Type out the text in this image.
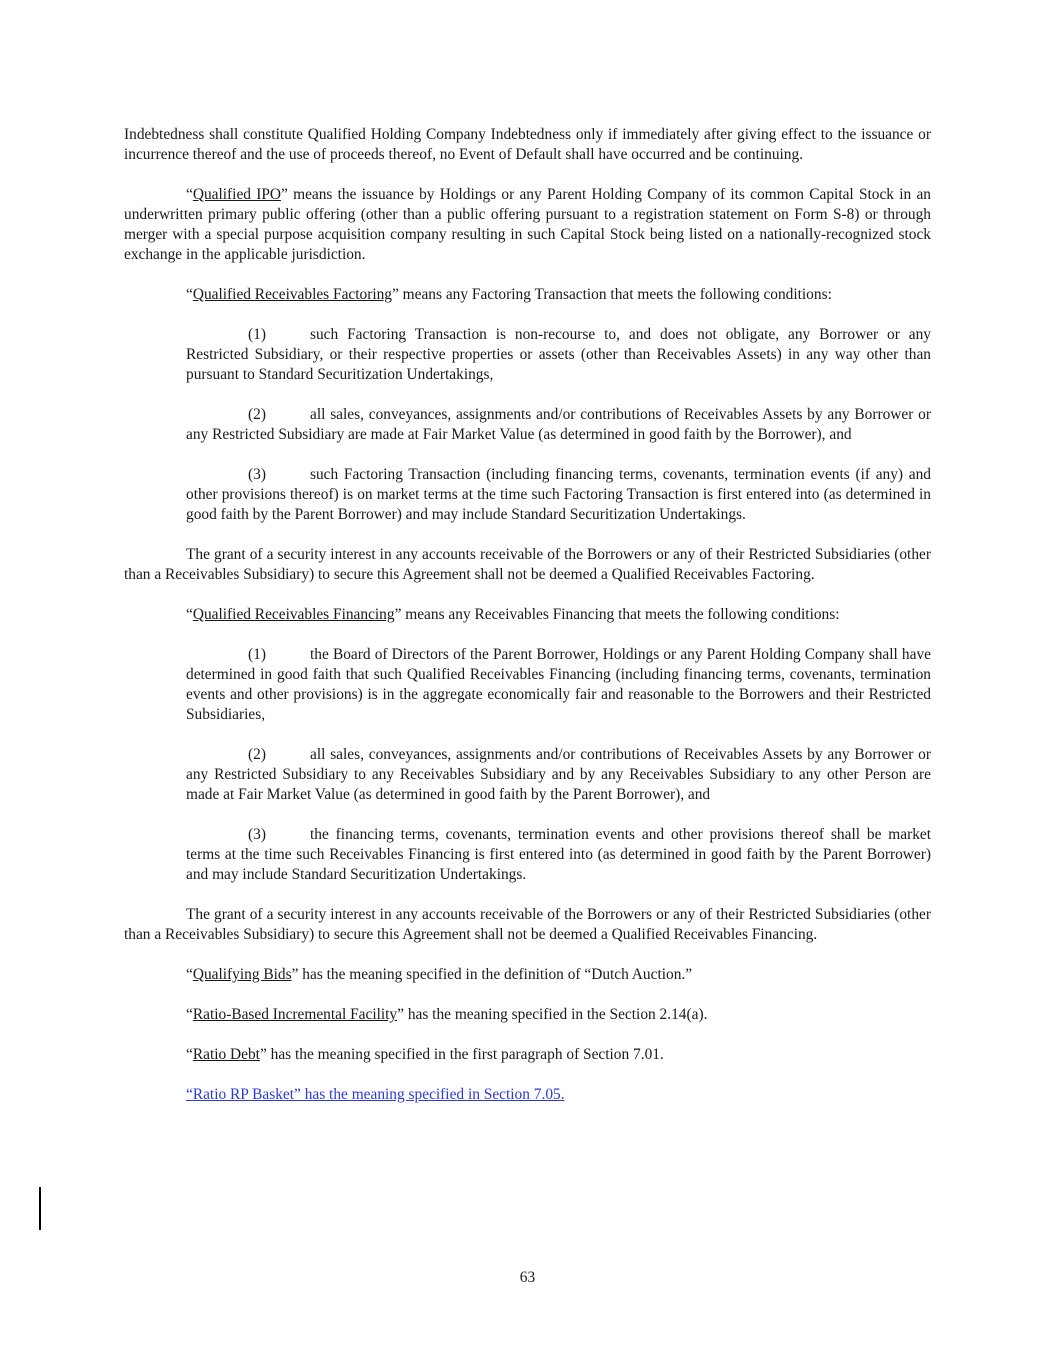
Indebtedness shall constitute Qualified Holding Company Indebtedness only if immediately after giving effect to the issuance or incurrence thereof and the use of proceeds thereof, no Event of Default shall have occurred and be continuing.

“Qualified IPO” means the issuance by Holdings or any Parent Holding Company of its common Capital Stock in an underwritten primary public offering (other than a public offering pursuant to a registration statement on Form S-8) or through merger with a special purpose acquisition company resulting in such Capital Stock being listed on a nationally-recognized stock exchange in the applicable jurisdiction.

“Qualified Receivables Factoring” means any Factoring Transaction that meets the following conditions:

(1)	such Factoring Transaction is non-recourse to, and does not obligate, any Borrower or any Restricted Subsidiary, or their respective properties or assets (other than Receivables Assets) in any way other than pursuant to Standard Securitization Undertakings,
(2)	all sales, conveyances, assignments and/or contributions of Receivables Assets by any Borrower or any Restricted Subsidiary are made at Fair Market Value (as determined in good faith by the Borrower), and
(3)	such Factoring Transaction (including financing terms, covenants, termination events (if any) and other provisions thereof) is on market terms at the time such Factoring Transaction is first entered into (as determined in good faith by the Parent Borrower) and may include Standard Securitization Undertakings.

The grant of a security interest in any accounts receivable of the Borrowers or any of their Restricted Subsidiaries (other than a Receivables Subsidiary) to secure this Agreement shall not be deemed a Qualified Receivables Factoring.

“Qualified Receivables Financing” means any Receivables Financing that meets the following conditions:

(1)	the Board of Directors of the Parent Borrower, Holdings or any Parent Holding Company shall have determined in good faith that such Qualified Receivables Financing (including financing terms, covenants, termination events and other provisions) is in the aggregate economically fair and reasonable to the Borrowers and their Restricted Subsidiaries,
(2)	all sales, conveyances, assignments and/or contributions of Receivables Assets by any Borrower or any Restricted Subsidiary to any Receivables Subsidiary and by any Receivables Subsidiary to any other Person are made at Fair Market Value (as determined in good faith by the Parent Borrower), and
(3)	the financing terms, covenants, termination events and other provisions thereof shall be market terms at the time such Receivables Financing is first entered into (as determined in good faith by the Parent Borrower) and may include Standard Securitization Undertakings.

The grant of a security interest in any accounts receivable of the Borrowers or any of their Restricted Subsidiaries (other than a Receivables Subsidiary) to secure this Agreement shall not be deemed a Qualified Receivables Financing.

“Qualifying Bids” has the meaning specified in the definition of “Dutch Auction.”

“Ratio-Based Incremental Facility” has the meaning specified in the Section 2.14(a).

“Ratio Debt” has the meaning specified in the first paragraph of Section 7.01.

“Ratio RP Basket” has the meaning specified in Section 7.05.

63
